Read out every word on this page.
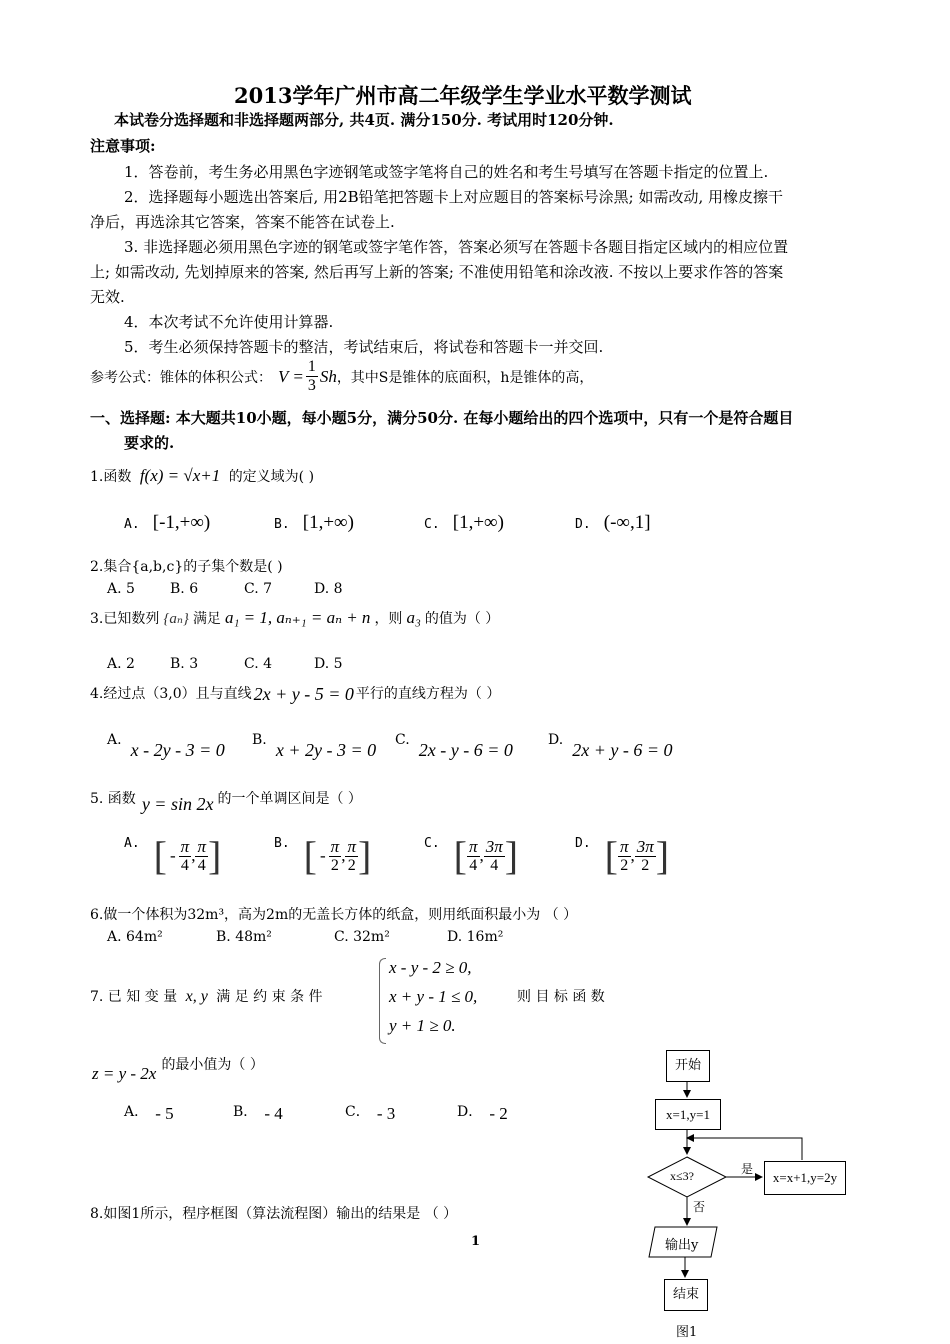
2013学年广州市高二年级学生学业水平数学测试
本试卷分选择题和非选择题两部分, 共4页. 满分150分. 考试用时120分钟.
注意事项:
1．答卷前，考生务必用黑色字迹钢笔或签字笔将自己的姓名和考生号填写在答题卡指定的位置上.
2．选择题每小题选出答案后, 用2B铅笔把答题卡上对应题目的答案标号涂黑; 如需改动, 用橡皮擦干
净后，再选涂其它答案，答案不能答在试卷上.
3. 非选择题必须用黑色字迹的钢笔或签字笔作答，答案必须写在答题卡各题目指定区域内的相应位置
上; 如需改动, 先划掉原来的答案, 然后再写上新的答案; 不准使用铅笔和涂改液. 不按以上要求作答的答案
无效.
4．本次考试不允许使用计算器.
5．考生必须保持答题卡的整洁，考试结束后，将试卷和答题卡一并交回.
参考公式：锥体的体积公式： $V = \frac{1}{3}$ Sh ，其中S是锥体的底面积，h是锥体的高，
一、选择题: 本大题共10小题，每小题5分，满分50分. 在每小题给出的四个选项中，只有一个是符合题目
要求的.
1.函数 f(x) = √x+1 的定义域为( )
A. [-1,+∞)	B. [1,+∞)	C. [1,+∞)	D. (-∞,1]
2.集合{a,b,c}的子集个数是( )
A. 5	B. 6	C. 7	D. 8
3.已知数列 {aₙ} 满足 a₁ = 1, aₙ₊₁ = aₙ + n ，则 a₃ 的值为（ ）
A. 2	B. 3	C. 4	D. 5
4.经过点（3,0）且与直线 2x + y - 5 = 0 平行的直线方程为（ ）
A. x - 2y - 3 = 0 B. x + 2y - 3 = 0 C. 2x - y - 6 = 0	D. 2x + y - 6 = 0
5. 函数 y = sin 2x 的一个单调区间是（ ）
A. [ - $\frac{\pi}{4}$ , $\frac{\pi}{4}$ ]	B. [ - $\frac{\pi}{2}$ , $\frac{\pi}{2}$ ]	C. [ $\frac{\pi}{4}$ , $\frac{3\pi}{4}$ ]	D. [ $\frac{\pi}{2}$ , $\frac{3\pi}{2}$ ]
6.做一个体积为32m³，高为2m的无盖长方体的纸盒，则用纸面积最小为 （ ）
A. 64m²	B. 48m²	C. 32m²	D. 16m²
7. 已 知 变 量 x, y 满 足 约 束 条 件
x - y - 2 ≥ 0,
x + y - 1 ≤ 0,
y + 1 ≥ 0.
则 目 标 函 数
z = y - 2x 的最小值为（ ）
A． - 5	B． - 4	C． - 3	D． - 2
8.如图1所示，程序框图（算法流程图）输出的结果是 （ ）
1
开始
x=1,y=1
x≤3?	是
否
x=x+1,y=2y
输出y
结束
图1
